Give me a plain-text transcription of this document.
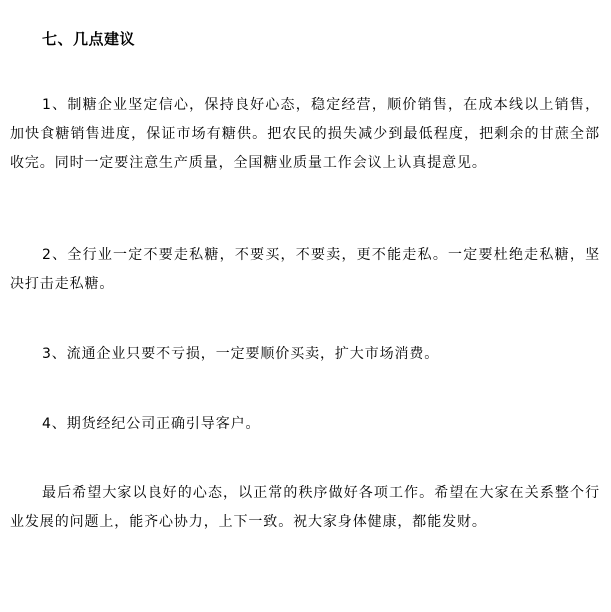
七、几点建议

1、制糖企业坚定信心，保持良好心态，稳定经营，顺价销售，在成本线以上销售，加快食糖销售进度，保证市场有糖供。把农民的损失减少到最低程度，把剩余的甘蔗全部收完。同时一定要注意生产质量，全国糖业质量工作会议上认真提意见。

2、全行业一定不要走私糖，不要买，不要卖，更不能走私。一定要杜绝走私糖，坚决打击走私糖。

3、流通企业只要不亏损，一定要顺价买卖，扩大市场消费。

4、期货经纪公司正确引导客户。

最后希望大家以良好的心态，以正常的秩序做好各项工作。希望在大家在关系整个行业发展的问题上，能齐心协力，上下一致。祝大家身体健康，都能发财。
